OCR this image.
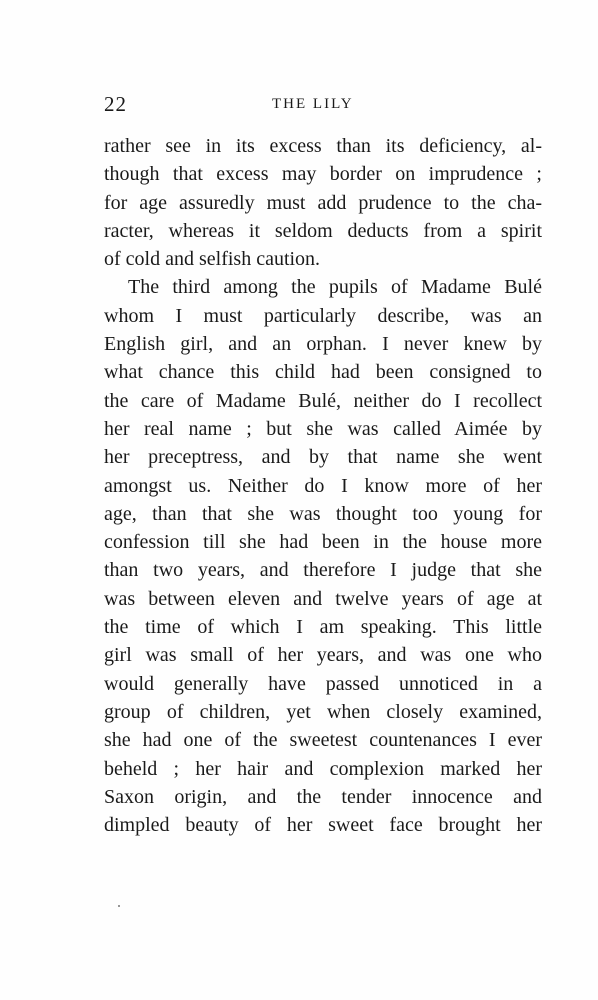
22	THE LILY
rather see in its excess than its deficiency, al-
though that excess may border on imprudence ;
for age assuredly must add prudence to the cha-
racter, whereas it seldom deducts from a spirit
of cold and selfish caution.
The third among the pupils of Madame Bulé
whom I must particularly describe, was an
English girl, and an orphan. I never knew by
what chance this child had been consigned to
the care of Madame Bulé, neither do I recollect
her real name ; but she was called Aimée by
her preceptress, and by that name she went
amongst us. Neither do I know more of her
age, than that she was thought too young for
confession till she had been in the house more
than two years, and therefore I judge that she
was between eleven and twelve years of age at
the time of which I am speaking. This little
girl was small of her years, and was one who
would generally have passed unnoticed in a
group of children, yet when closely examined,
she had one of the sweetest countenances I ever
beheld ; her hair and complexion marked her
Saxon origin, and the tender innocence and
dimpled beauty of her sweet face brought her
